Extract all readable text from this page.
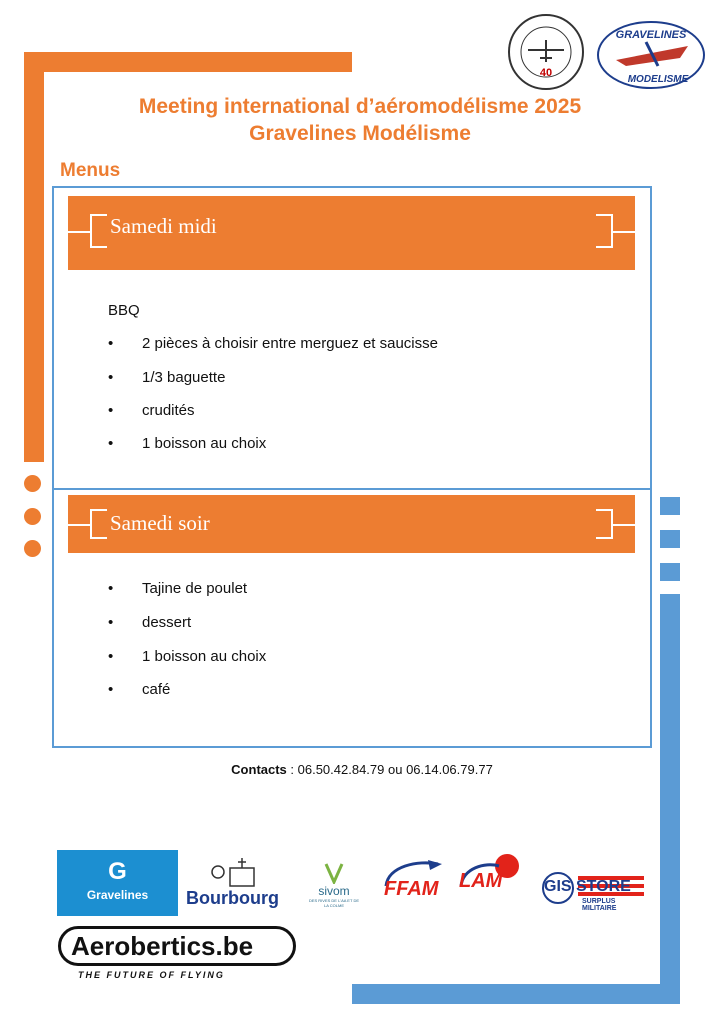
40
GRAVELINES
MODELISME
Meeting international d’aéromodélisme 2025
Gravelines Modélisme
Menus
Samedi midi
BBQ
• 2 pièces à choisir entre merguez et saucisse
• 1/3 baguette
• crudités
• 1 boisson au choix
Samedi soir
• Tajine de poulet
• dessert
• 1 boisson au choix
• café
Contacts : 06.50.42.84.79 ou 06.14.06.79.77
G
Gravelines	Bourbourg	sivom
DES RIVES DE L'AA ET DE LA COLME
FFAM LAM	GIS STORE
SURPLUS MILITAIRE
Aerobertics.be
THE FUTURE OF FLYING
